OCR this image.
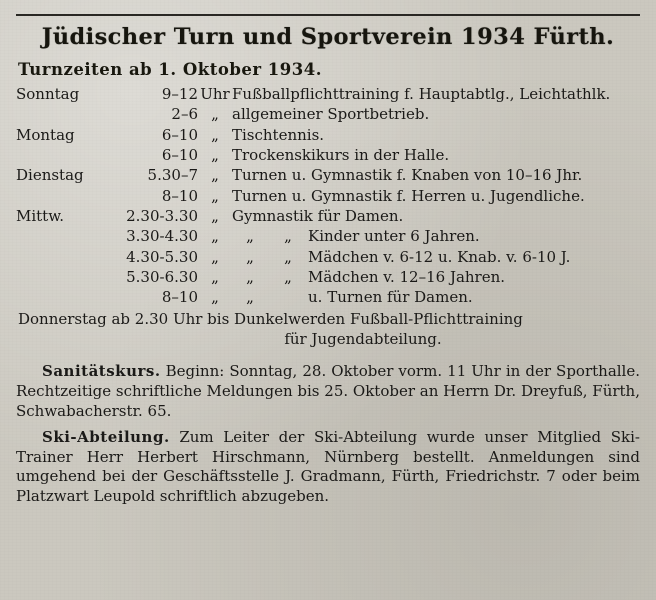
Jüdischer Turn und Sportverein 1934 Fürth.
Turnzeiten ab 1. Oktober 1934.
Sonntag	9–12	Uhr	Fußballpflichttraining f. Hauptabtlg., Leichtathlk.
	2–6	„	allgemeiner Sportbetrieb.
Montag	6–10	„	Tischtennis.
	6–10	„	Trockenskikurs in der Halle.
Dienstag	5.30–7	„	Turnen u. Gymnastik f. Knaben von 10–16 Jhr.
	8–10	„	Turnen u. Gymnastik f. Herren u. Jugendliche.
Mittw.	2.30-3.30	„	Gymnastik für Damen.
	3.30-4.30	„	„ „ Kinder unter 6 Jahren.
	4.30-5.30	„	„ „ Mädchen v. 6-12 u. Knab. v. 6-10 J.
	5.30-6.30	„	„ „ Mädchen v. 12–16 Jahren.
	8–10	„	„ u. Turnen für Damen.
Donnerstag ab 2.30 Uhr bis Dunkelwerden Fußball-Pflichttraining
für Jugendabteilung.

Sanitätskurs. Beginn: Sonntag, 28. Oktober vorm. 11 Uhr in der Sporthalle. Rechtzeitige schriftliche Meldungen bis 25. Oktober an Herrn Dr. Dreyfuß, Fürth, Schwabacherstr. 65.

Ski-Abteilung. Zum Leiter der Ski-Abteilung wurde unser Mitglied Ski-Trainer Herr Herbert Hirschmann, Nürnberg bestellt. Anmeldungen sind umgehend bei der Geschäftsstelle J. Gradmann, Fürth, Friedrichstr. 7 oder beim Platzwart Leupold schriftlich abzugeben.
